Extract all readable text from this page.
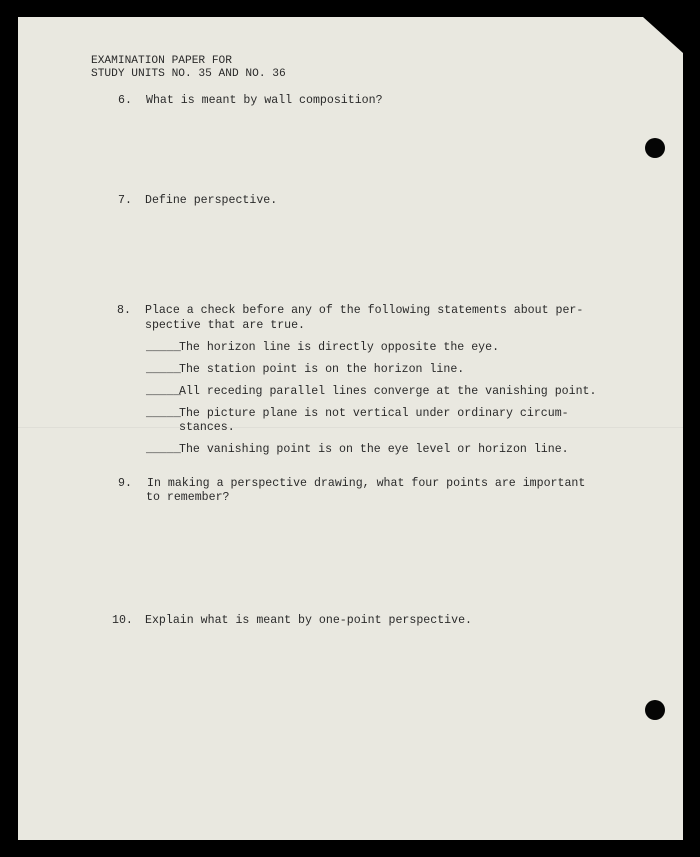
EXAMINATION PAPER FOR
STUDY UNITS NO. 35 AND NO. 36
6. What is meant by wall composition?
7. Define perspective.
8. Place a check before any of the following statements about per-
spective that are true.
_____
The horizon line is directly opposite the eye.
_____
The station point is on the horizon line.
_____
All receding parallel lines converge at the vanishing point.
_____
The picture plane is not vertical under ordinary circum-
stances.
_____
The vanishing point is on the eye level or horizon line.
9. In making a perspective drawing, what four points are important
to remember?
10. Explain what is meant by one-point perspective.
